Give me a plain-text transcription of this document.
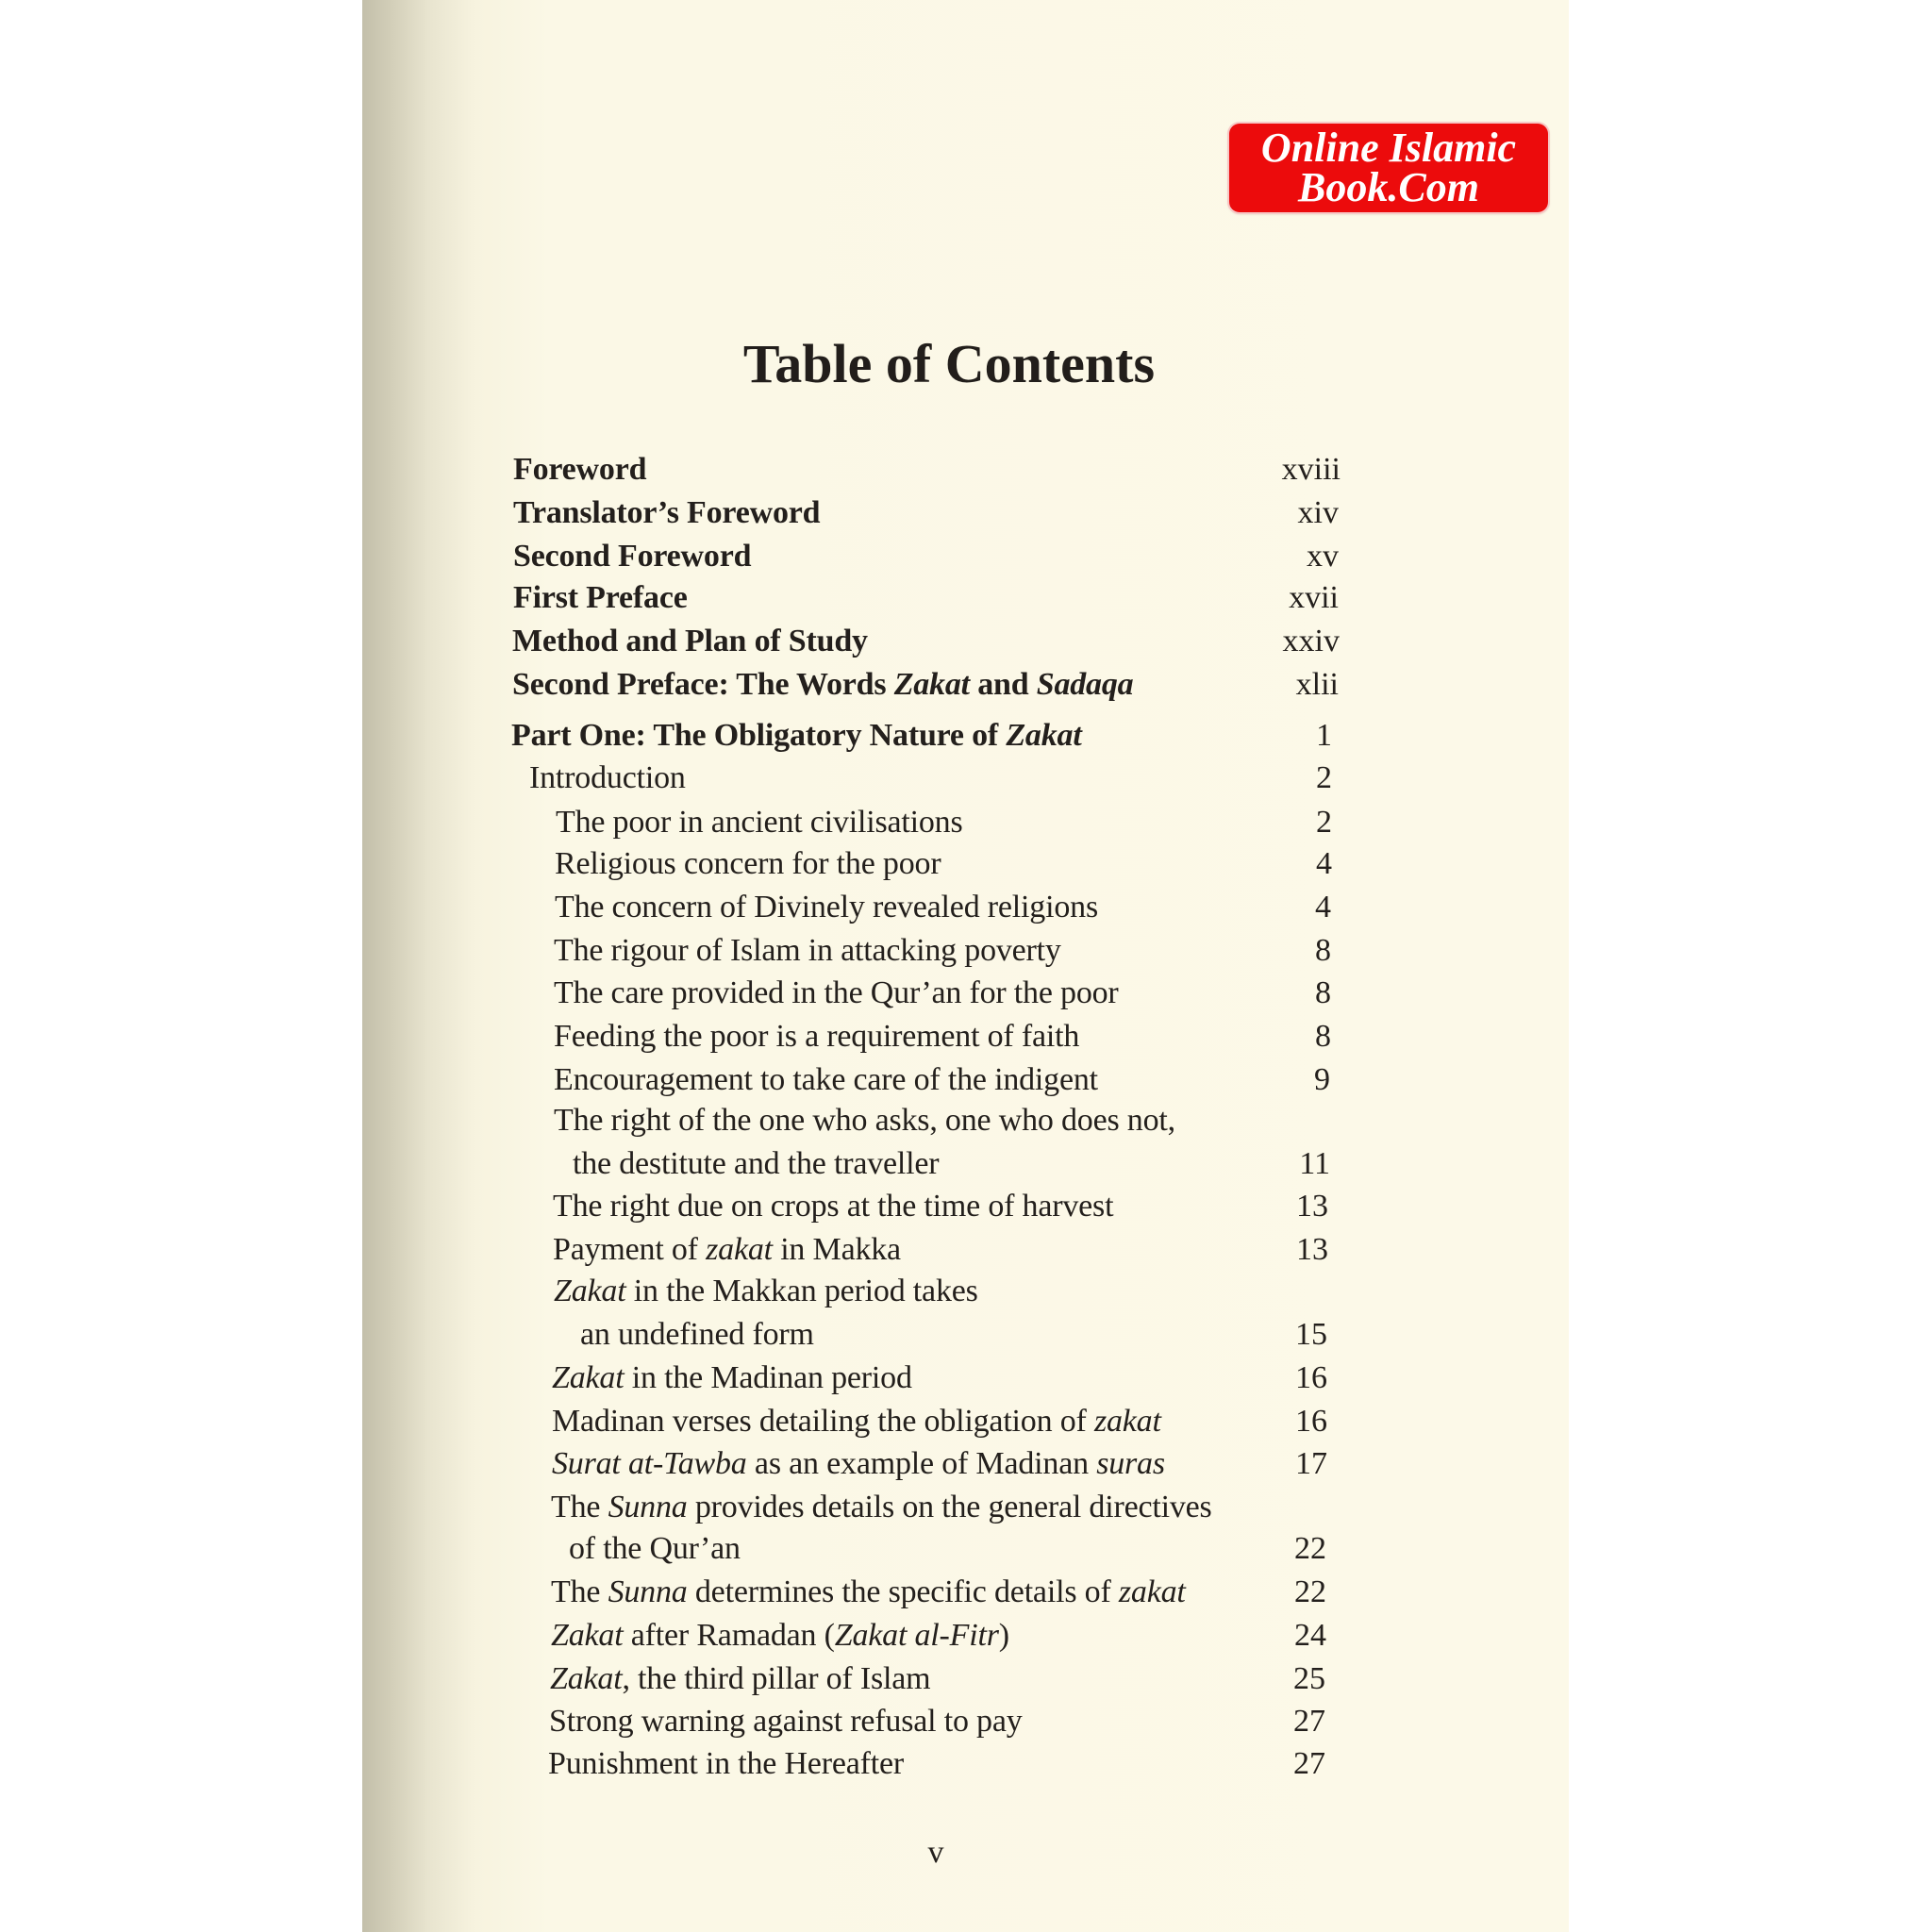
Online Islamic
Book.Com
Table of Contents
Foreword	xviii
Translator’s Foreword	xiv
Second Foreword	xv
First Preface	xvii
Method and Plan of Study	xxiv
Second Preface: The Words Zakat and Sadaqa	xlii
Part One: The Obligatory Nature of Zakat	1
Introduction	2
The poor in ancient civilisations	2
Religious concern for the poor	4
The concern of Divinely revealed religions	4
The rigour of Islam in attacking poverty	8
The care provided in the Qur’an for the poor	8
Feeding the poor is a requirement of faith	8
Encouragement to take care of the indigent	9
The right of the one who asks, one who does not,
the destitute and the traveller	11
The right due on crops at the time of harvest	13
Payment of zakat in Makka	13
Zakat in the Makkan period takes
an undefined form	15
Zakat in the Madinan period	16
Madinan verses detailing the obligation of zakat	16
Surat at-Tawba as an example of Madinan suras	17
The Sunna provides details on the general directives
of the Qur’an	22
The Sunna determines the specific details of zakat	22
Zakat after Ramadan (Zakat al-Fitr)	24
Zakat, the third pillar of Islam	25
Strong warning against refusal to pay	27
Punishment in the Hereafter	27
v
